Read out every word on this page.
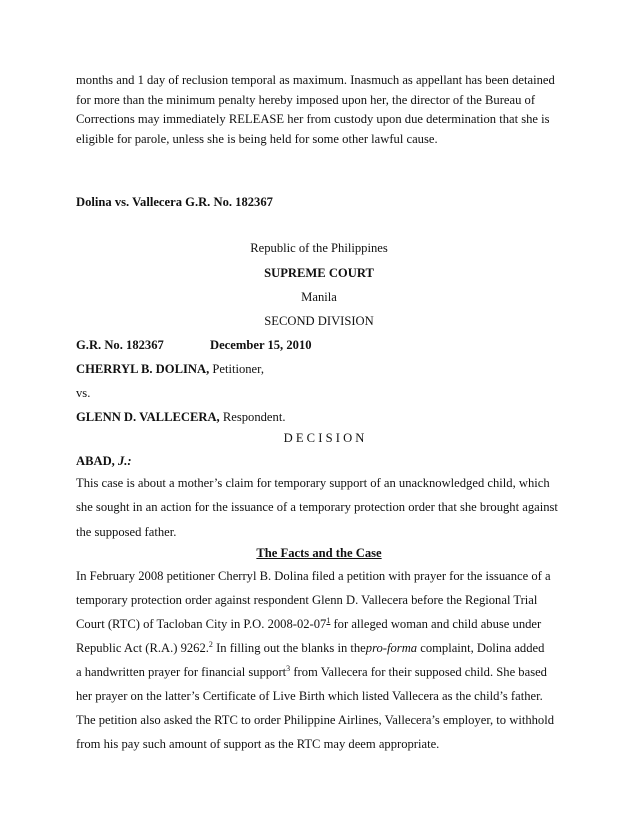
months and 1 day of reclusion temporal as maximum. Inasmuch as appellant has been detained
for more than the minimum penalty hereby imposed upon her, the director of the Bureau of
Corrections may immediately RELEASE her from custody upon due determination that she is
eligible for parole, unless she is being held for some other lawful cause.
Dolina vs. Vallecera G.R. No. 182367
Republic of the Philippines
SUPREME COURT
Manila
SECOND DIVISION
G.R. No. 182367	December 15, 2010
CHERRYL B. DOLINA, Petitioner,
vs.
GLENN D. VALLECERA, Respondent.
D E C I S I O N
ABAD, J.:
This case is about a mother’s claim for temporary support of an unacknowledged child, which
she sought in an action for the issuance of a temporary protection order that she brought against
the supposed father.
The Facts and the Case
In February 2008 petitioner Cherryl B. Dolina filed a petition with prayer for the issuance of a
temporary protection order against respondent Glenn D. Vallecera before the Regional Trial
Court (RTC) of Tacloban City in P.O. $2008-02-07^1$ for alleged woman and child abuse under
Republic Act (R.A.) 9262.$^2$ In filling out the blanks in thepro-forma complaint, Dolina added
a handwritten prayer for financial support$^3$ from Vallecera for their supposed child. She based
her prayer on the latter’s Certificate of Live Birth which listed Vallecera as the child’s father.
The petition also asked the RTC to order Philippine Airlines, Vallecera’s employer, to withhold
from his pay such amount of support as the RTC may deem appropriate.
